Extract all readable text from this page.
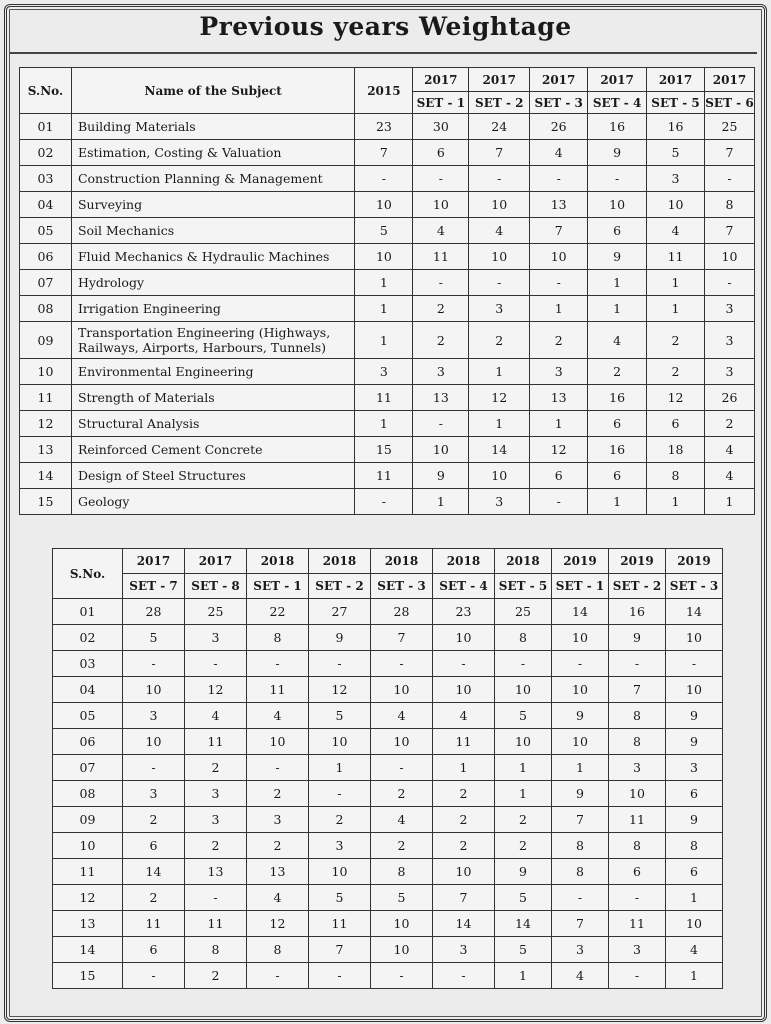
Previous years Weightage
S.No.	Name of the Subject	2015	2017	2017	2017	2017	2017	2017
			SET - 1	SET - 2	SET - 3	SET - 4	SET - 5	SET - 6
01	Building Materials	23	30	24	26	16	16	25
02	Estimation, Costing & Valuation	7	6	7	4	9	5	7
03	Construction Planning & Management	-	-	-	-	-	3	-
04	Surveying	10	10	10	13	10	10	8
05	Soil Mechanics	5	4	4	7	6	4	7
06	Fluid Mechanics & Hydraulic Machines	10	11	10	10	9	11	10
07	Hydrology	1	-	-	-	1	1	-
08	Irrigation Engineering	1	2	3	1	1	1	3
09	Transportation Engineering (Highways, Railways, Airports, Harbours, Tunnels)	1	2	2	2	4	2	3
10	Environmental Engineering	3	3	1	3	2	2	3
11	Strength of Materials	11	13	12	13	16	12	26
12	Structural Analysis	1	-	1	1	6	6	2
13	Reinforced Cement Concrete	15	10	14	12	16	18	4
14	Design of Steel Structures	11	9	10	6	6	8	4
15	Geology	-	1	3	-	1	1	1
S.No.	2017	2017	2018	2018	2018	2018	2018	2019	2019	2019
	SET - 7	SET - 8	SET - 1	SET - 2	SET - 3	SET - 4	SET - 5	SET - 1	SET - 2	SET - 3
01	28	25	22	27	28	23	25	14	16	14
02	5	3	8	9	7	10	8	10	9	10
03	-	-	-	-	-	-	-	-	-	-
04	10	12	11	12	10	10	10	10	7	10
05	3	4	4	5	4	4	5	9	8	9
06	10	11	10	10	10	11	10	10	8	9
07	-	2	-	1	-	1	1	1	3	3
08	3	3	2	-	2	2	1	9	10	6
09	2	3	3	2	4	2	2	7	11	9
10	6	2	2	3	2	2	2	8	8	8
11	14	13	13	10	8	10	9	8	6	6
12	2	-	4	5	5	7	5	-	-	1
13	11	11	12	11	10	14	14	7	11	10
14	6	8	8	7	10	3	5	3	3	4
15	-	2	-	-	-	-	1	4	-	1
